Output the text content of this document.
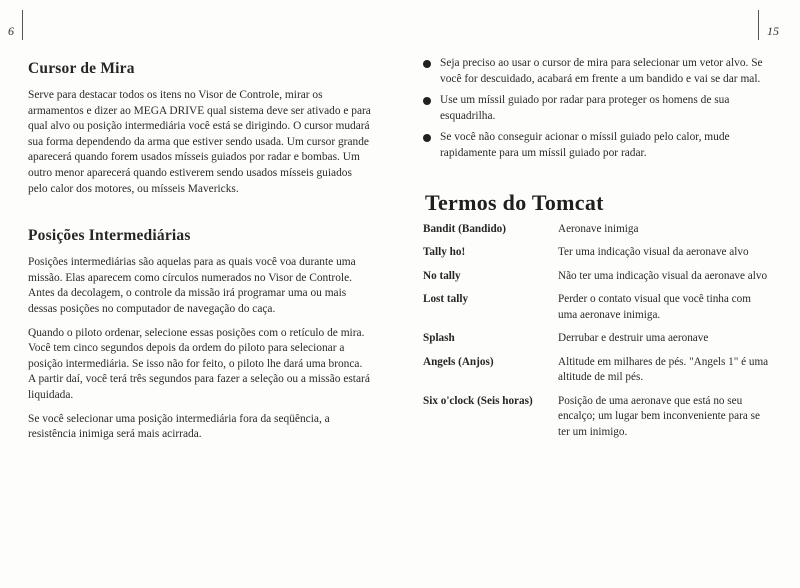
6
Cursor de Mira

Serve para destacar todos os itens no Visor de Controle, mirar os armamentos e dizer ao MEGA DRIVE qual sistema deve ser ativado e para qual alvo ou posição intermediária você está se dirigindo. O cursor mudará sua forma dependendo da arma que estiver sendo usada. Um cursor grande aparecerá quando forem usados mísseis guiados por radar e bombas. Um outro menor aparecerá quando estiverem sendo usados mísseis guiados pelo calor dos motores, ou mísseis Mavericks.

Posições Intermediárias

Posições intermediárias são aquelas para as quais você voa durante uma missão. Elas aparecem como círculos numerados no Visor de Controle. Antes da decolagem, o controle da missão irá programar uma ou mais dessas posições no computador de navegação do caça.

Quando o piloto ordenar, selecione essas posições com o retículo de mira. Você tem cinco segundos depois da ordem do piloto para selecionar a posição intermediária. Se isso não for feito, o piloto lhe dará uma bronca. A partir daí, você terá três segundos para fazer a seleção ou a missão estará liquidada.

Se você selecionar uma posição intermediária fora da seqüência, a resistência inimiga será mais acirrada.

15
Seja preciso ao usar o cursor de mira para selecionar um vetor alvo. Se você for descuidado, acabará em frente a um bandido e vai se dar mal.
Use um míssil guiado por radar para proteger os homens de sua esquadrilha.
Se você não conseguir acionar o míssil guiado pelo calor, mude rapidamente para um míssil guiado por radar.
Termos do Tomcat
Bandit (Bandido)	Aeronave inimiga
Tally ho!	Ter uma indicação visual da aeronave alvo
No tally	Não ter uma indicação visual da aeronave alvo
Lost tally	Perder o contato visual que você tinha com uma aeronave inimiga.
Splash	Derrubar e destruir uma aeronave
Angels (Anjos)	Altitude em milhares de pés. "Angels 1" é uma altitude de mil pés.
Six o'clock (Seis horas)	Posição de uma aeronave que está no seu encalço; um lugar bem inconveniente para se ter um inimigo.
